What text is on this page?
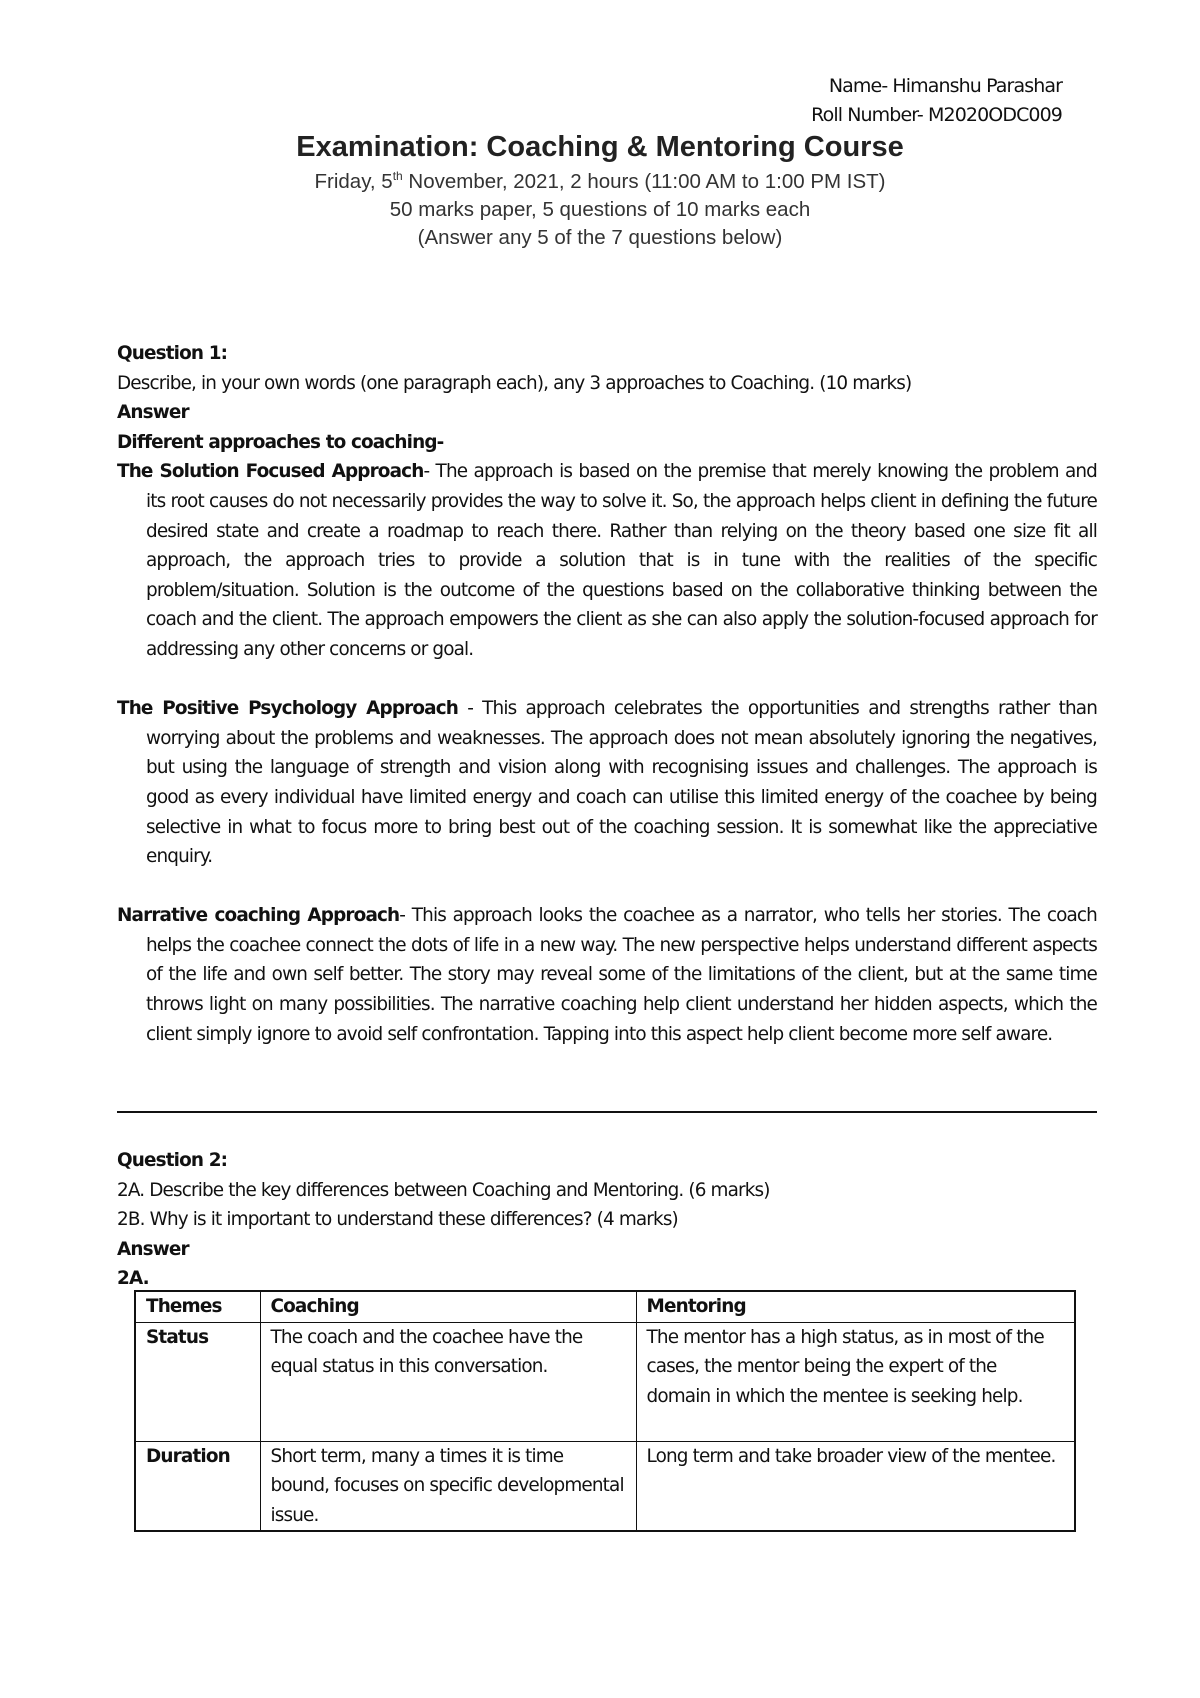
Name- Himanshu Parashar
Roll Number- M2020ODC009
Examination: Coaching & Mentoring Course
Friday, 5th November, 2021, 2 hours (11:00 AM to 1:00 PM IST)
50 marks paper, 5 questions of 10 marks each
(Answer any 5 of the 7 questions below)
Question 1:
Describe, in your own words (one paragraph each), any 3 approaches to Coaching. (10 marks)
Answer
Different approaches to coaching-
The Solution Focused Approach- The approach is based on the premise that merely knowing the problem and its root causes do not necessarily provides the way to solve it. So, the approach helps client in defining the future desired state and create a roadmap to reach there. Rather than relying on the theory based one size fit all approach, the approach tries to provide a solution that is in tune with the realities of the specific problem/situation. Solution is the outcome of the questions based on the collaborative thinking between the coach and the client. The approach empowers the client as she can also apply the solution-focused approach for addressing any other concerns or goal.
The Positive Psychology Approach - This approach celebrates the opportunities and strengths rather than worrying about the problems and weaknesses. The approach does not mean absolutely ignoring the negatives, but using the language of strength and vision along with recognising issues and challenges. The approach is good as every individual have limited energy and coach can utilise this limited energy of the coachee by being selective in what to focus more to bring best out of the coaching session. It is somewhat like the appreciative enquiry.
Narrative coaching Approach- This approach looks the coachee as a narrator, who tells her stories. The coach helps the coachee connect the dots of life in a new way. The new perspective helps understand different aspects of the life and own self better. The story may reveal some of the limitations of the client, but at the same time throws light on many possibilities. The narrative coaching help client understand her hidden aspects, which the client simply ignore to avoid self confrontation. Tapping into this aspect help client become more self aware.
Question 2:
2A. Describe the key differences between Coaching and Mentoring. (6 marks)
2B. Why is it important to understand these differences? (4 marks)
Answer
2A.
Themes	Coaching	Mentoring
Status	The coach and the coachee have the equal status in this conversation.	The mentor has a high status, as in most of the cases, the mentor being the expert of the domain in which the mentee is seeking help.
Duration	Short term, many a times it is time bound, focuses on specific developmental issue.	Long term and take broader view of the mentee.
